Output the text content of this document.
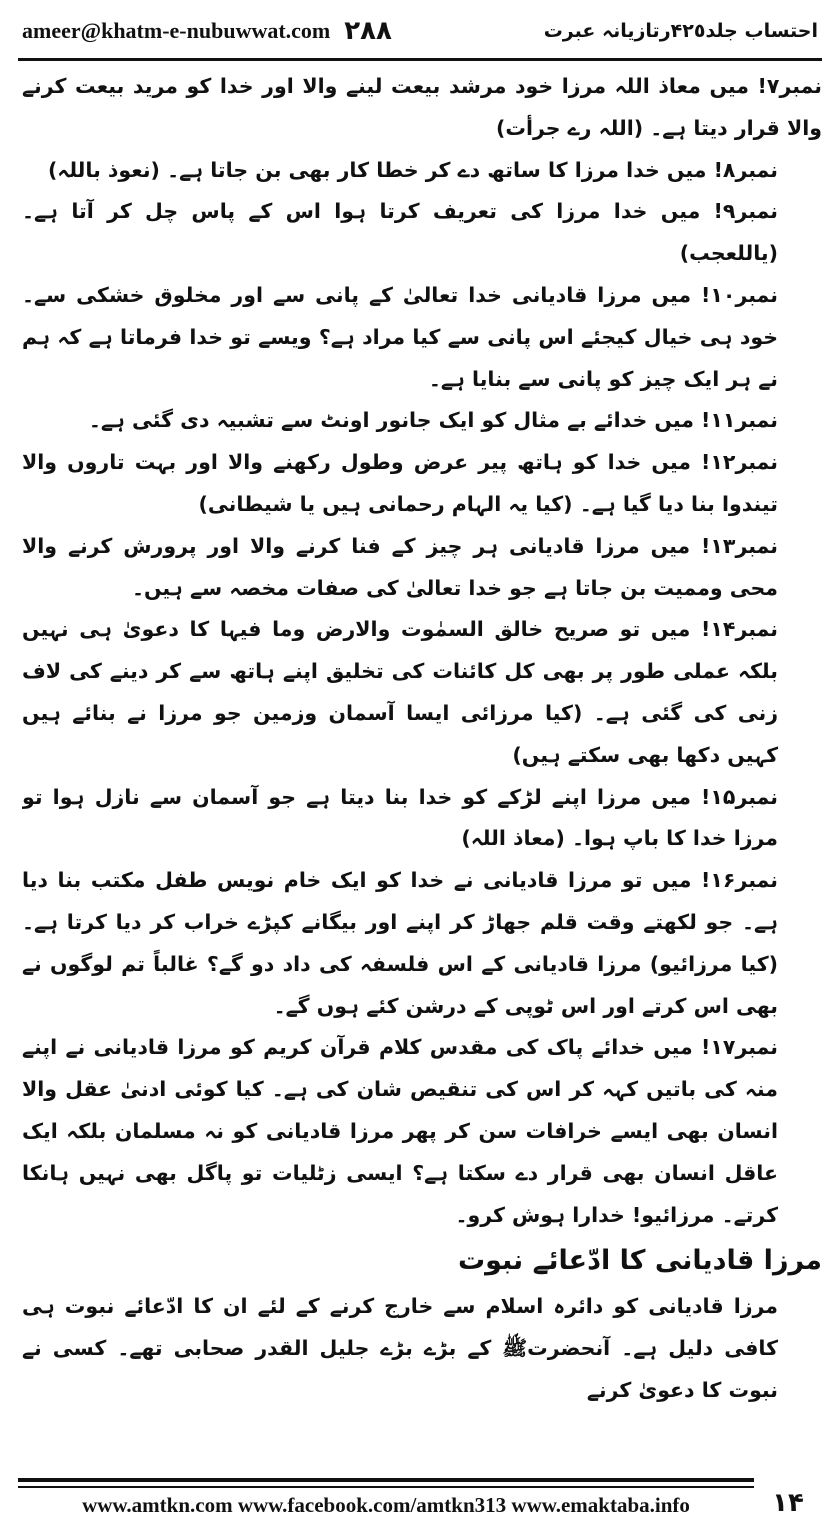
ameer@khatm-e-nubuwwat.com ٢٨٨	احتساب جلد۴۲٥رتازیانہ عبرت

نمبر۷! میں معاذ اللہ مرزا خود مرشد بیعت لینے والا اور خدا کو مرید بیعت کرنے والا قرار دیتا ہے۔ (اللہ رے جرأت)

نمبر۸! میں خدا مرزا کا ساتھ دے کر خطا کار بھی بن جاتا ہے۔ (نعوذ باللہ)

نمبر۹! میں خدا مرزا کی تعریف کرتا ہوا اس کے پاس چل کر آتا ہے۔ (یاللعجب)

نمبر۱۰! میں مرزا قادیانی خدا تعالیٰ کے پانی سے اور مخلوق خشکی سے۔ خود ہی خیال کیجئے اس پانی سے کیا مراد ہے؟ ویسے تو خدا فرماتا ہے کہ ہم نے ہر ایک چیز کو پانی سے بنایا ہے۔

نمبر۱۱! میں خدائے بے مثال کو ایک جانور اونٹ سے تشبیہ دی گئی ہے۔

نمبر۱۲! میں خدا کو ہاتھ پیر عرض وطول رکھنے والا اور بہت تاروں والا تیندوا بنا دیا گیا ہے۔ (کیا یہ الہام رحمانی ہیں یا شیطانی)

نمبر۱۳! میں مرزا قادیانی ہر چیز کے فنا کرنے والا اور پرورش کرنے والا محی وممیت بن جاتا ہے جو خدا تعالیٰ کی صفات مخصہ سے ہیں۔

نمبر۱۴! میں تو صریح خالق السمٰوت والارض وما فیہا کا دعویٰ ہی نہیں بلکہ عملی طور پر بھی کل کائنات کی تخلیق اپنے ہاتھ سے کر دینے کی لاف زنی کی گئی ہے۔ (کیا مرزائی ایسا آسمان وزمین جو مرزا نے بنائے ہیں کہیں دکھا بھی سکتے ہیں)

نمبر۱۵! میں مرزا اپنے لڑکے کو خدا بنا دیتا ہے جو آسمان سے نازل ہوا تو مرزا خدا کا باپ ہوا۔ (معاذ اللہ)

نمبر۱۶! میں تو مرزا قادیانی نے خدا کو ایک خام نویس طفل مکتب بنا دیا ہے۔ جو لکھتے وقت قلم جھاڑ کر اپنے اور بیگانے کپڑے خراب کر دیا کرتا ہے۔ (کیا مرزائیو) مرزا قادیانی کے اس فلسفہ کی داد دو گے؟ غالباً تم لوگوں نے بھی اس کرتے اور اس ٹوپی کے درشن کئے ہوں گے۔

نمبر۱۷! میں خدائے پاک کی مقدس کلام قرآن کریم کو مرزا قادیانی نے اپنے منہ کی باتیں کہہ کر اس کی تنقیص شان کی ہے۔ کیا کوئی ادنیٰ عقل والا انسان بھی ایسے خرافات سن کر پھر مرزا قادیانی کو نہ مسلمان بلکہ ایک عاقل انسان بھی قرار دے سکتا ہے؟ ایسی زٹلیات تو پاگل بھی نہیں ہانکا کرتے۔ مرزائیو! خدارا ہوش کرو۔

مرزا قادیانی کا ادّعائے نبوت

مرزا قادیانی کو دائرہ اسلام سے خارج کرنے کے لئے ان کا ادّعائے نبوت ہی کافی دلیل ہے۔ آنحضرتﷺ کے بڑے بڑے جلیل القدر صحابی تھے۔ کسی نے نبوت کا دعویٰ کرنے

www.amtkn.com www.facebook.com/amtkn313 www.emaktaba.info	۱۴
